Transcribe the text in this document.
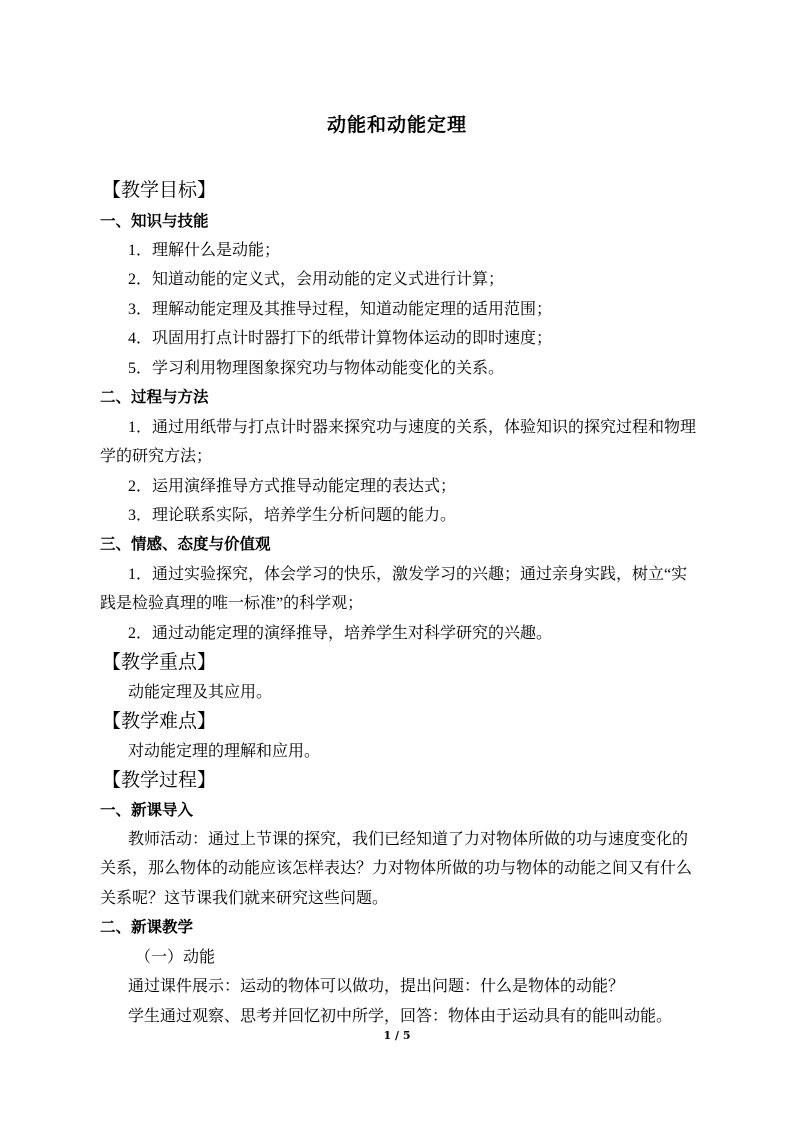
动能和动能定理
【教学目标】
一、知识与技能
1．理解什么是动能；
2．知道动能的定义式，会用动能的定义式进行计算；
3．理解动能定理及其推导过程，知道动能定理的适用范围；
4．巩固用打点计时器打下的纸带计算物体运动的即时速度；
5．学习利用物理图象探究功与物体动能变化的关系。
二、过程与方法
1．通过用纸带与打点计时器来探究功与速度的关系，体验知识的探究过程和物理
学的研究方法；
2．运用演绎推导方式推导动能定理的表达式；
3．理论联系实际，培养学生分析问题的能力。
三、情感、态度与价值观
1．通过实验探究，体会学习的快乐，激发学习的兴趣；通过亲身实践，树立“实
践是检验真理的唯一标准”的科学观；
2．通过动能定理的演绎推导，培养学生对科学研究的兴趣。
【教学重点】
动能定理及其应用。
【教学难点】
对动能定理的理解和应用。
【教学过程】
一、新课导入
教师活动：通过上节课的探究，我们已经知道了力对物体所做的功与速度变化的
关系，那么物体的动能应该怎样表达？力对物体所做的功与物体的动能之间又有什么
关系呢？这节课我们就来研究这些问题。
二、新课教学
（一）动能
通过课件展示：运动的物体可以做功，提出问题：什么是物体的动能？
学生通过观察、思考并回忆初中所学，回答：物体由于运动具有的能叫动能。
1 / 5
